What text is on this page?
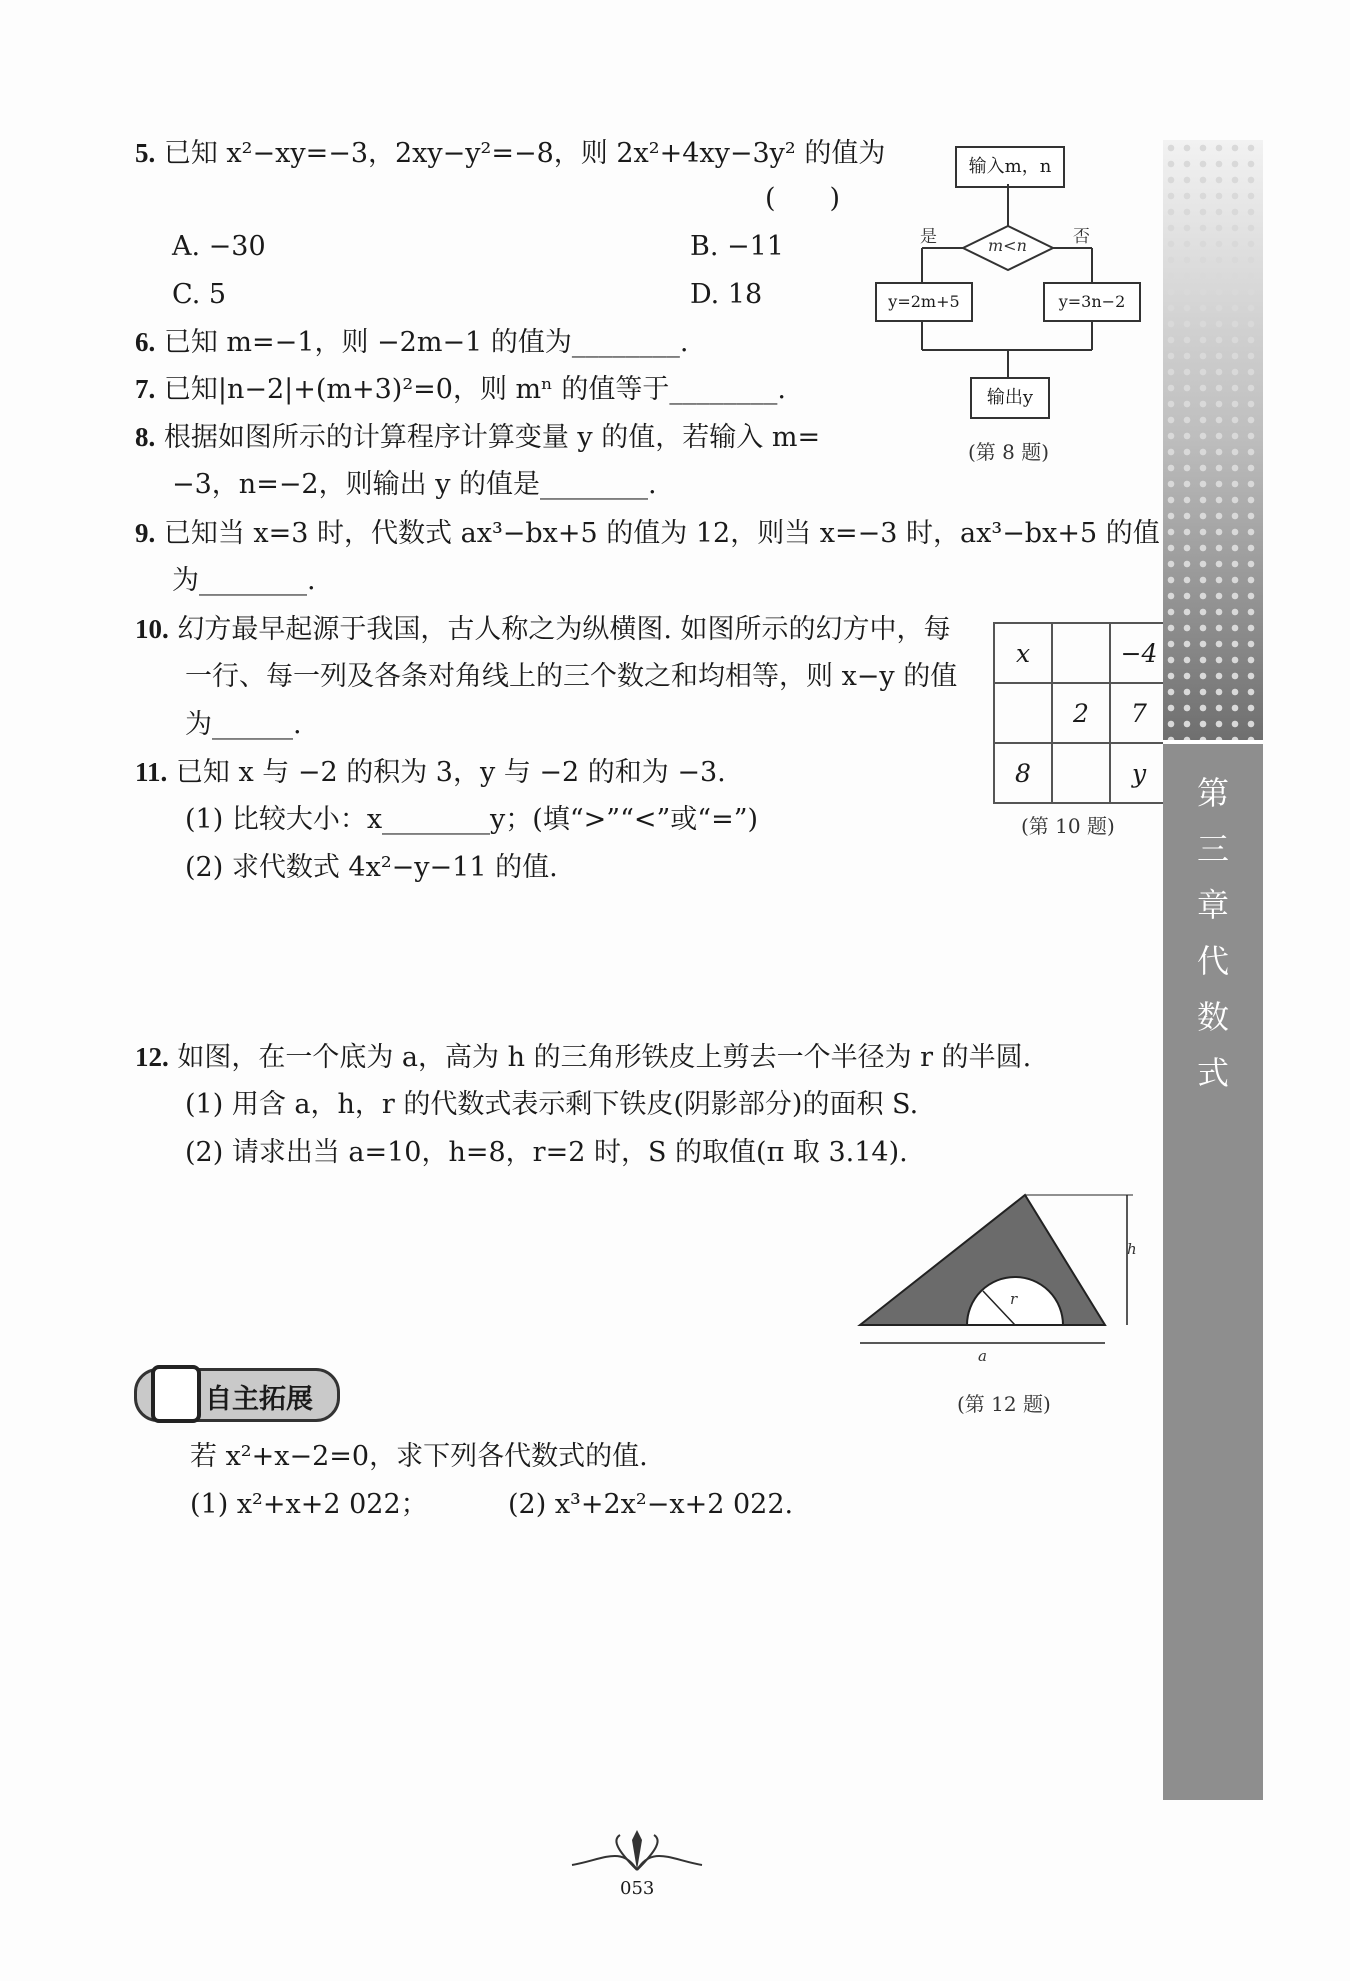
5. 已知 x²−xy=−3，2xy−y²=−8，则 2x²+4xy−3y² 的值为
(　　)
A. −30	B. −11
C. 5	D. 18
6. 已知 m=−1，则 −2m−1 的值为________.
7. 已知|n−2|+(m+3)²=0，则 mⁿ 的值等于________.
8. 根据如图所示的计算程序计算变量 y 的值，若输入 m=
−3，n=−2，则输出 y 的值是________.
9. 已知当 x=3 时，代数式 ax³−bx+5 的值为 12，则当 x=−3 时，ax³−bx+5 的值
为________.
10. 幻方最早起源于我国，古人称之为纵横图. 如图所示的幻方中，每
一行、每一列及各条对角线上的三个数之和均相等，则 x−y 的值
为______.
11. 已知 x 与 −2 的积为 3，y 与 −2 的和为 −3.
(1) 比较大小：x________y；(填“>”“<”或“=”)
(2) 求代数式 4x²−y−11 的值.
12. 如图，在一个底为 a，高为 h 的三角形铁皮上剪去一个半径为 r 的半圆.
(1) 用含 a，h，r 的代数式表示剩下铁皮(阴影部分)的面积 S.
(2) 请求出当 a=10，h=8，r=2 时，S 的取值(π 取 3.14).
输入m，n
是	否
m<n
y=2m+5	y=3n−2
输出y
(第 8 题)
x		−4
	2	7
8		y
(第 10 题)
h
r
a
(第 12 题)
自主拓展
若 x²+x−2=0，求下列各代数式的值.
(1) x²+x+2 022；	(2) x³+2x²−x+2 022.
第
三
章
代
数
式
053
